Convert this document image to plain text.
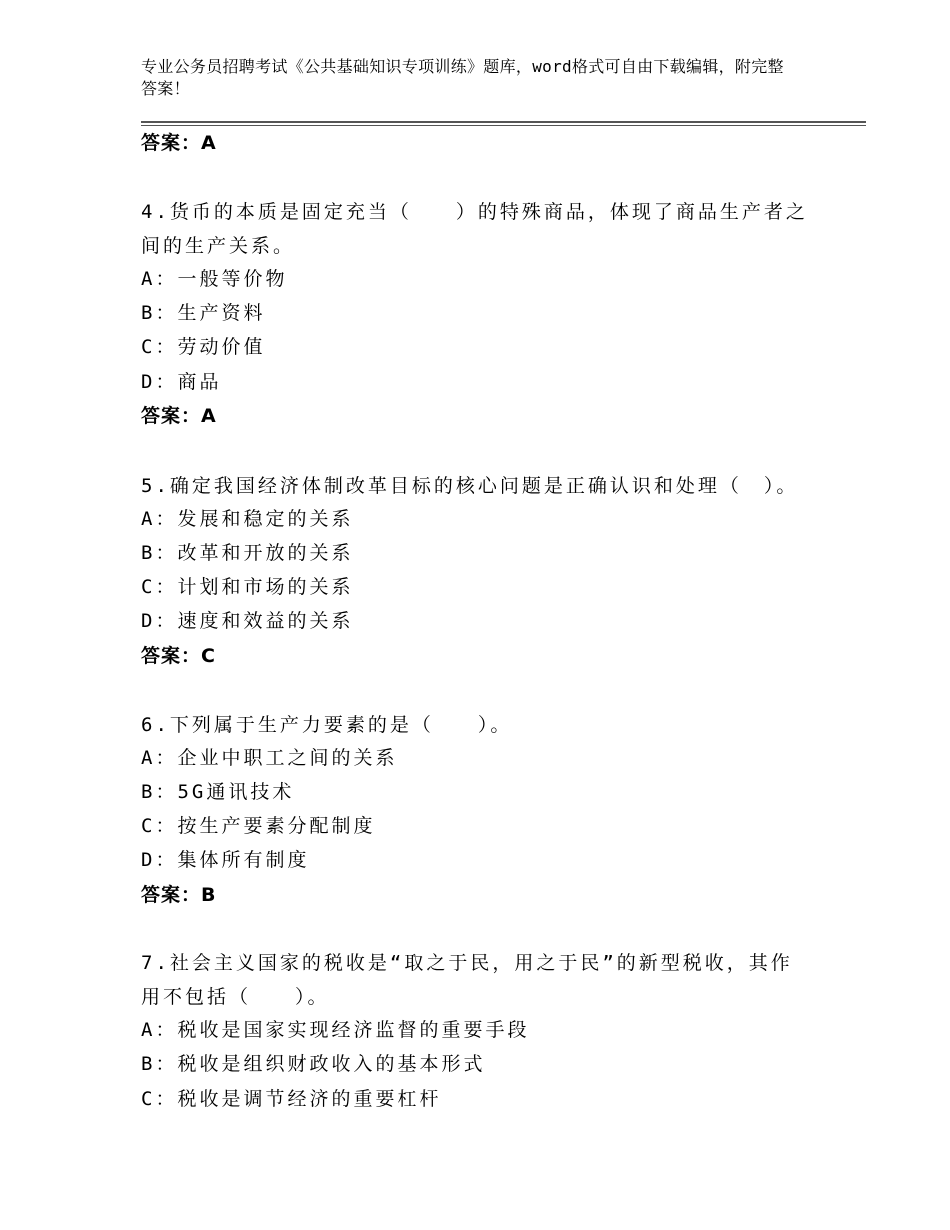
专业公务员招聘考试《公共基础知识专项训练》题库，word格式可自由下载编辑，附完整答案！
答案：A
4.货币的本质是固定充当（　　）的特殊商品，体现了商品生产者之间的生产关系。
A：一般等价物
B：生产资料
C：劳动价值
D：商品
答案：A
5.确定我国经济体制改革目标的核心问题是正确认识和处理（　）。
A：发展和稳定的关系
B：改革和开放的关系
C：计划和市场的关系
D：速度和效益的关系
答案：C
6.下列属于生产力要素的是（　　）。
A：企业中职工之间的关系
B：5G通讯技术
C：按生产要素分配制度
D：集体所有制度
答案：B
7.社会主义国家的税收是“取之于民，用之于民”的新型税收，其作用不包括（　　）。
A：税收是国家实现经济监督的重要手段
B：税收是组织财政收入的基本形式
C：税收是调节经济的重要杠杆
